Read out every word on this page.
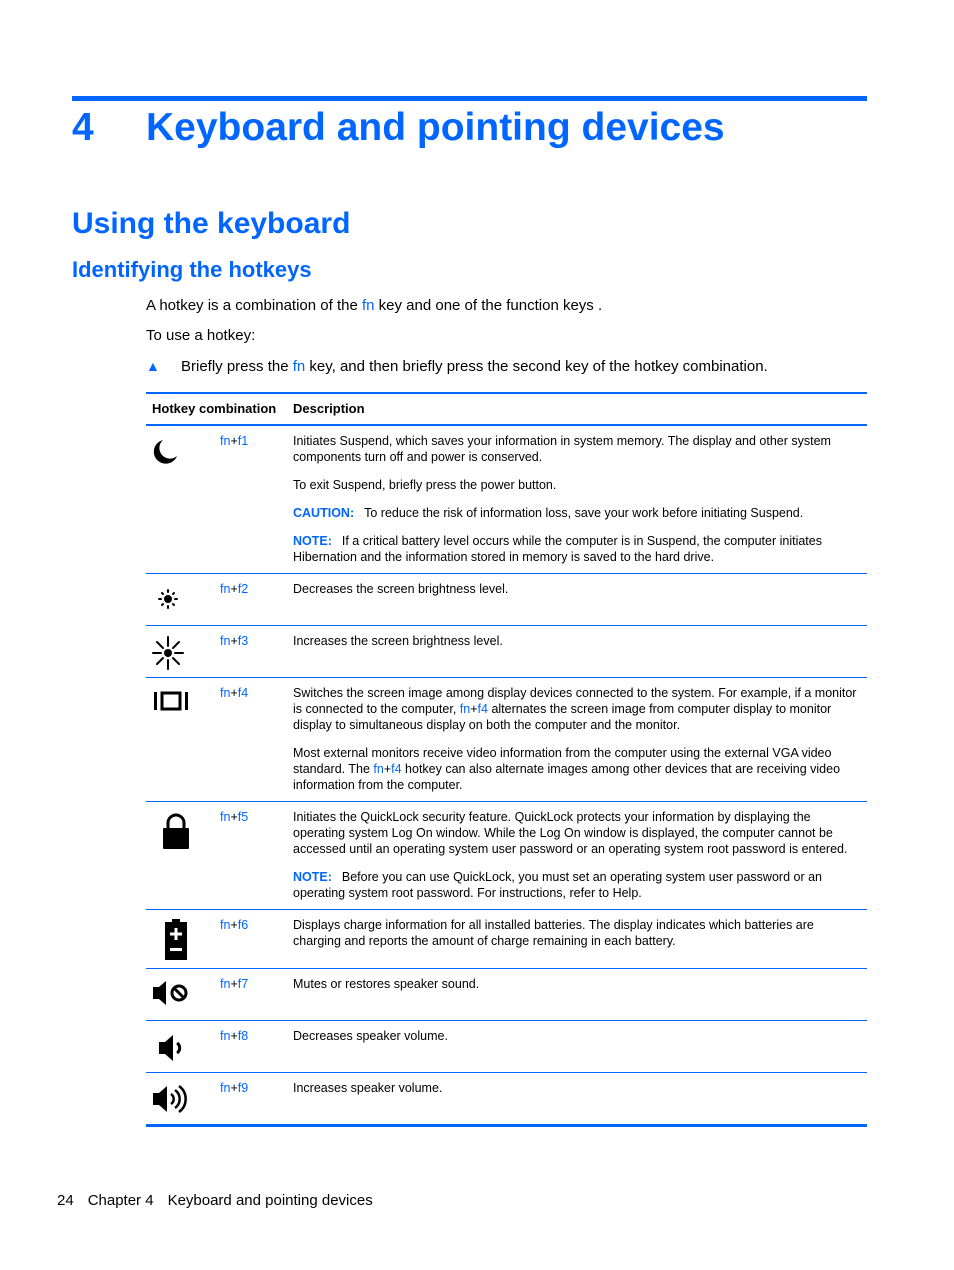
4 Keyboard and pointing devices
Using the keyboard
Identifying the hotkeys
A hotkey is a combination of the fn key and one of the function keys .
To use a hotkey:
▲ Briefly press the fn key, and then briefly press the second key of the hotkey combination.
Hotkey combination Description
fn+f1	Initiates Suspend, which saves your information in system memory. The display and other system components turn off and power is conserved.

To exit Suspend, briefly press the power button.

CAUTION: To reduce the risk of information loss, save your work before initiating Suspend.

NOTE: If a critical battery level occurs while the computer is in Suspend, the computer initiates Hibernation and the information stored in memory is saved to the hard drive.

fn+f2	Decreases the screen brightness level.

fn+f3	Increases the screen brightness level.

fn+f4	Switches the screen image among display devices connected to the system. For example, if a monitor is connected to the computer, fn+f4 alternates the screen image from computer display to monitor display to simultaneous display on both the computer and the monitor.

Most external monitors receive video information from the computer using the external VGA video standard. The fn+f4 hotkey can also alternate images among other devices that are receiving video information from the computer.

fn+f5	Initiates the QuickLock security feature. QuickLock protects your information by displaying the operating system Log On window. While the Log On window is displayed, the computer cannot be accessed until an operating system user password or an operating system root password is entered.

NOTE: Before you can use QuickLock, you must set an operating system user password or an operating system root password. For instructions, refer to Help.

fn+f6	Displays charge information for all installed batteries. The display indicates which batteries are charging and reports the amount of charge remaining in each battery.

fn+f7	Mutes or restores speaker sound.

fn+f8	Decreases speaker volume.

fn+f9	Increases speaker volume.

24 Chapter 4 Keyboard and pointing devices
